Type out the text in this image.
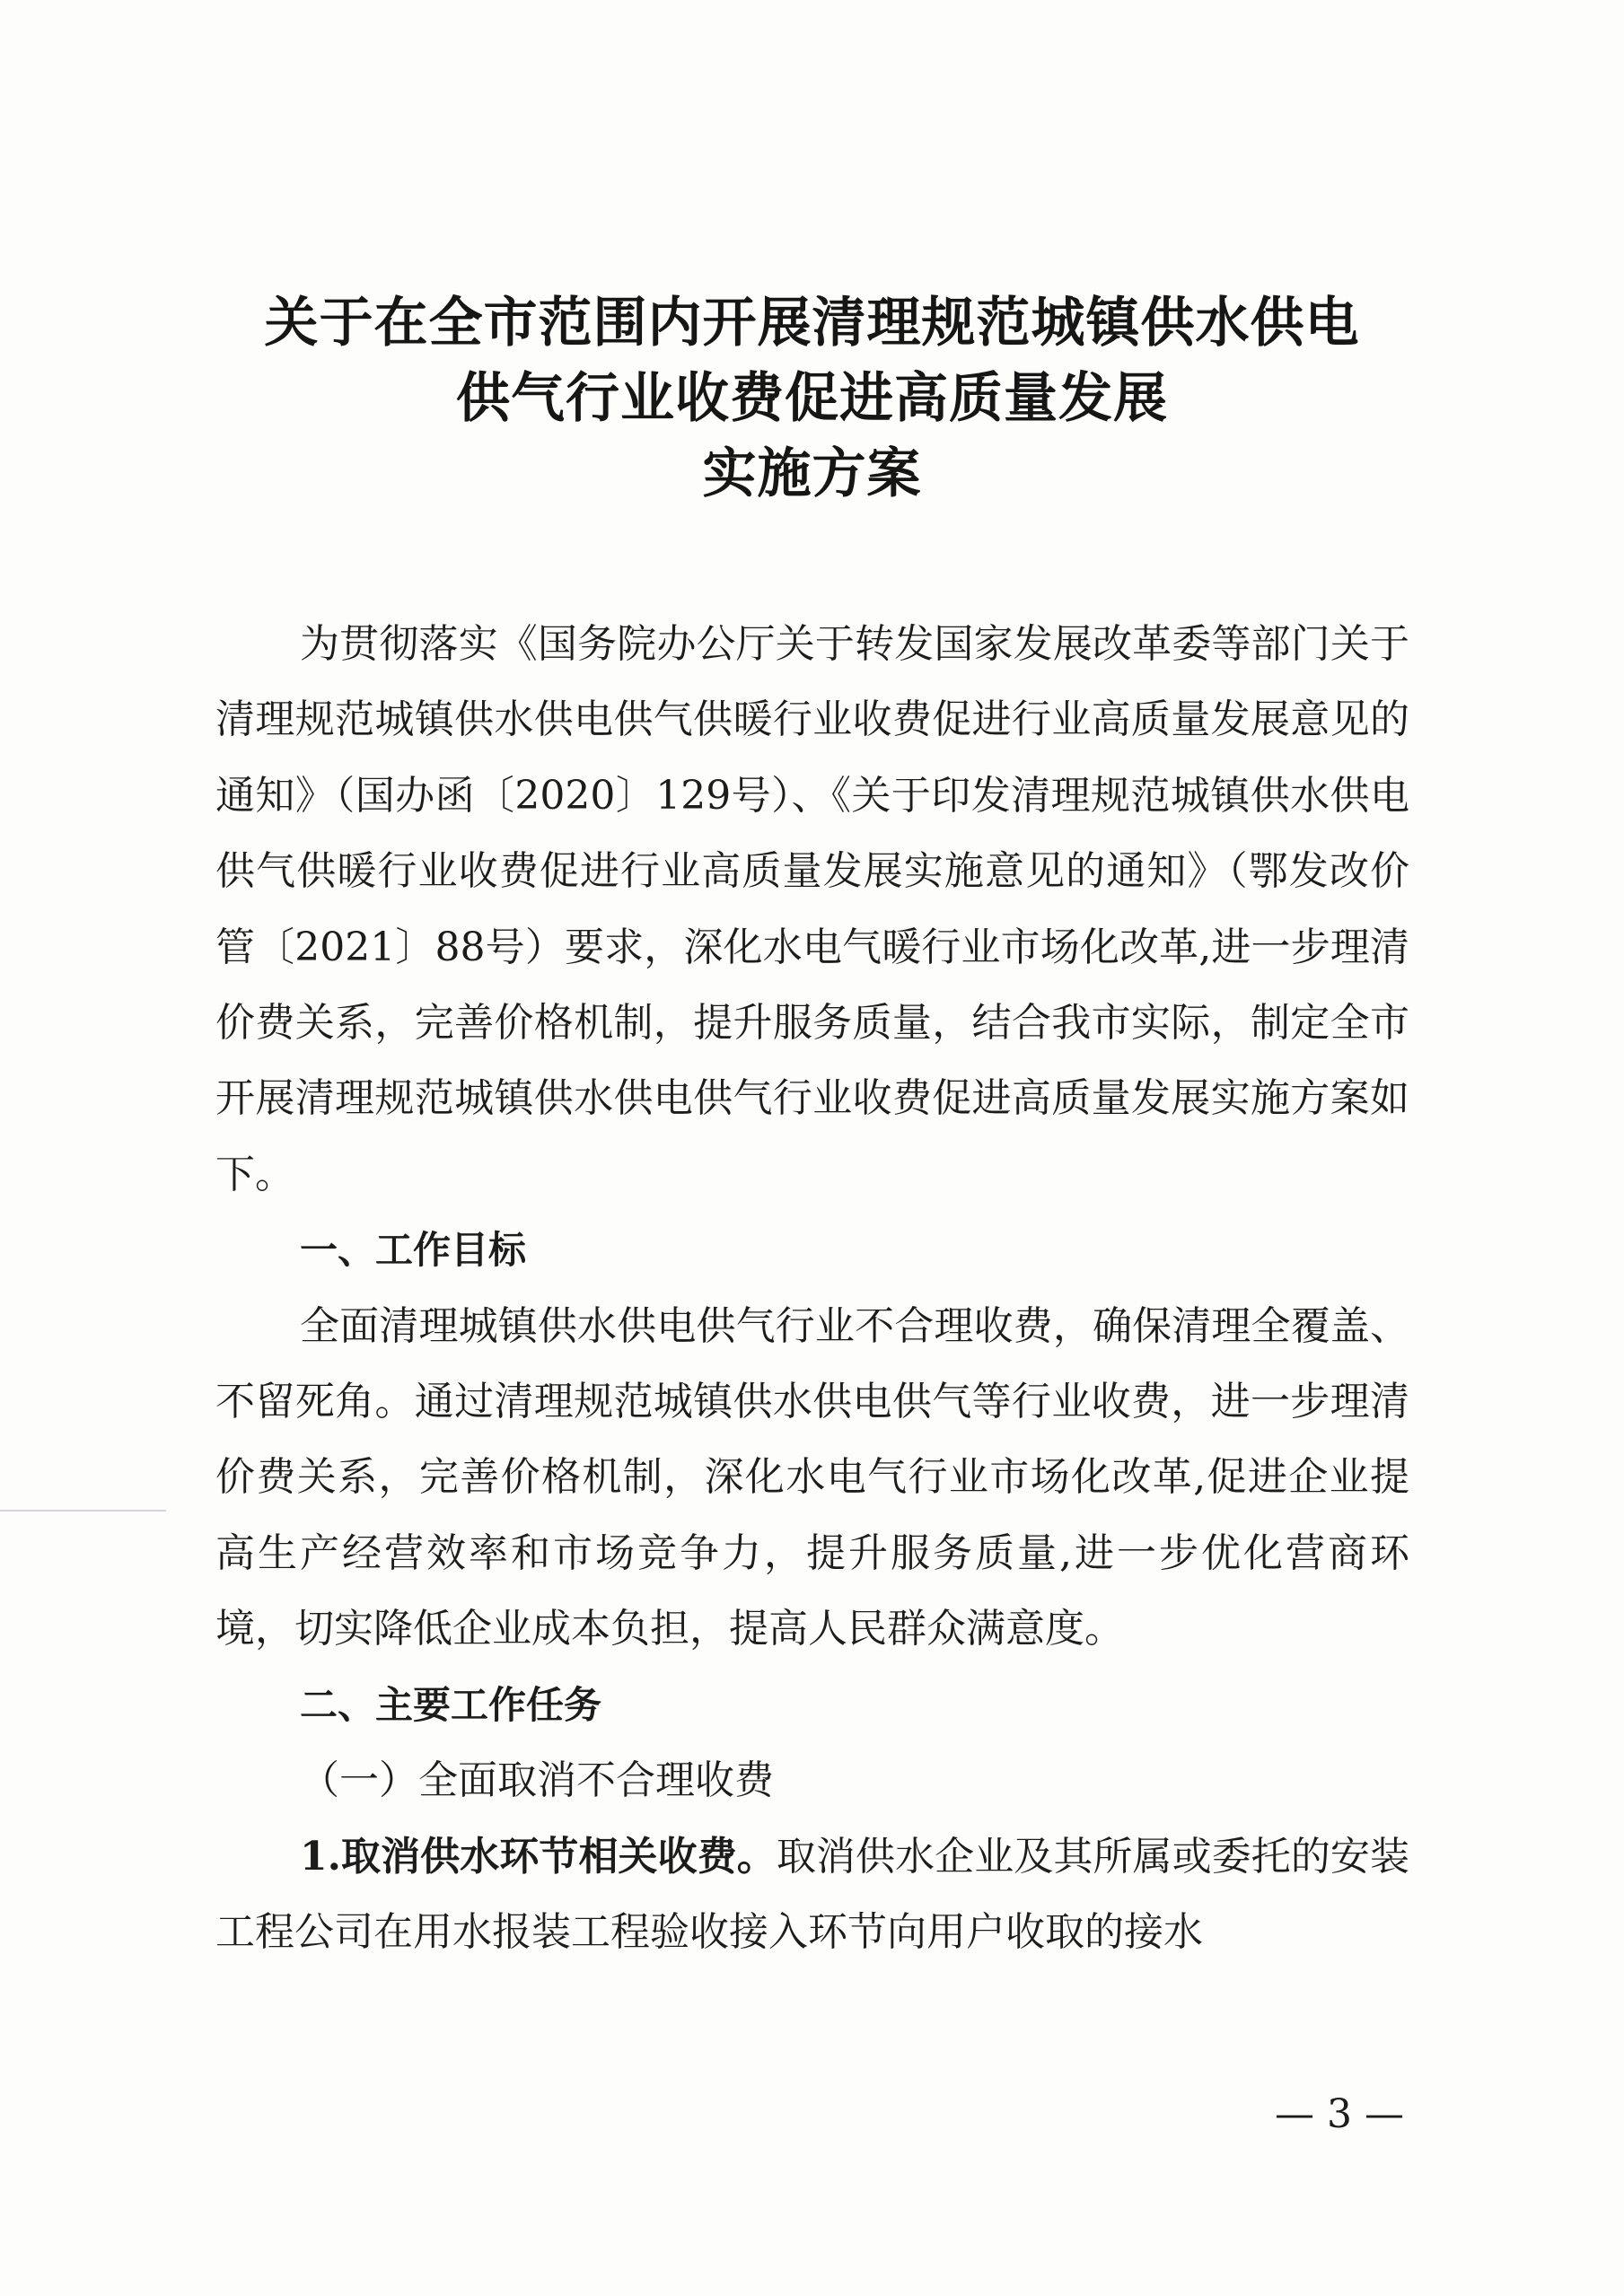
关于在全市范围内开展清理规范城镇供水供电
供气行业收费促进高质量发展
实施方案

为贯彻落实《国务院办公厅关于转发国家发展改革委等部门关于清理规范城镇供水供电供气供暖行业收费促进行业高质量发展意见的通知》（国办函〔2020〕129号）、《关于印发清理规范城镇供水供电供气供暖行业收费促进行业高质量发展实施意见的通知》（鄂发改价管〔2021〕88号）要求，深化水电气暖行业市场化改革,进一步理清价费关系，完善价格机制，提升服务质量，结合我市实际，制定全市开展清理规范城镇供水供电供气行业收费促进高质量发展实施方案如下。

一、工作目标

全面清理城镇供水供电供气行业不合理收费，确保清理全覆盖、不留死角。通过清理规范城镇供水供电供气等行业收费，进一步理清价费关系，完善价格机制，深化水电气行业市场化改革,促进企业提高生产经营效率和市场竞争力，提升服务质量,进一步优化营商环境，切实降低企业成本负担，提高人民群众满意度。

二、主要工作任务

（一）全面取消不合理收费

1.取消供水环节相关收费。取消供水企业及其所属或委托的安装工程公司在用水报装工程验收接入环节向用户收取的接水

— 3 —
